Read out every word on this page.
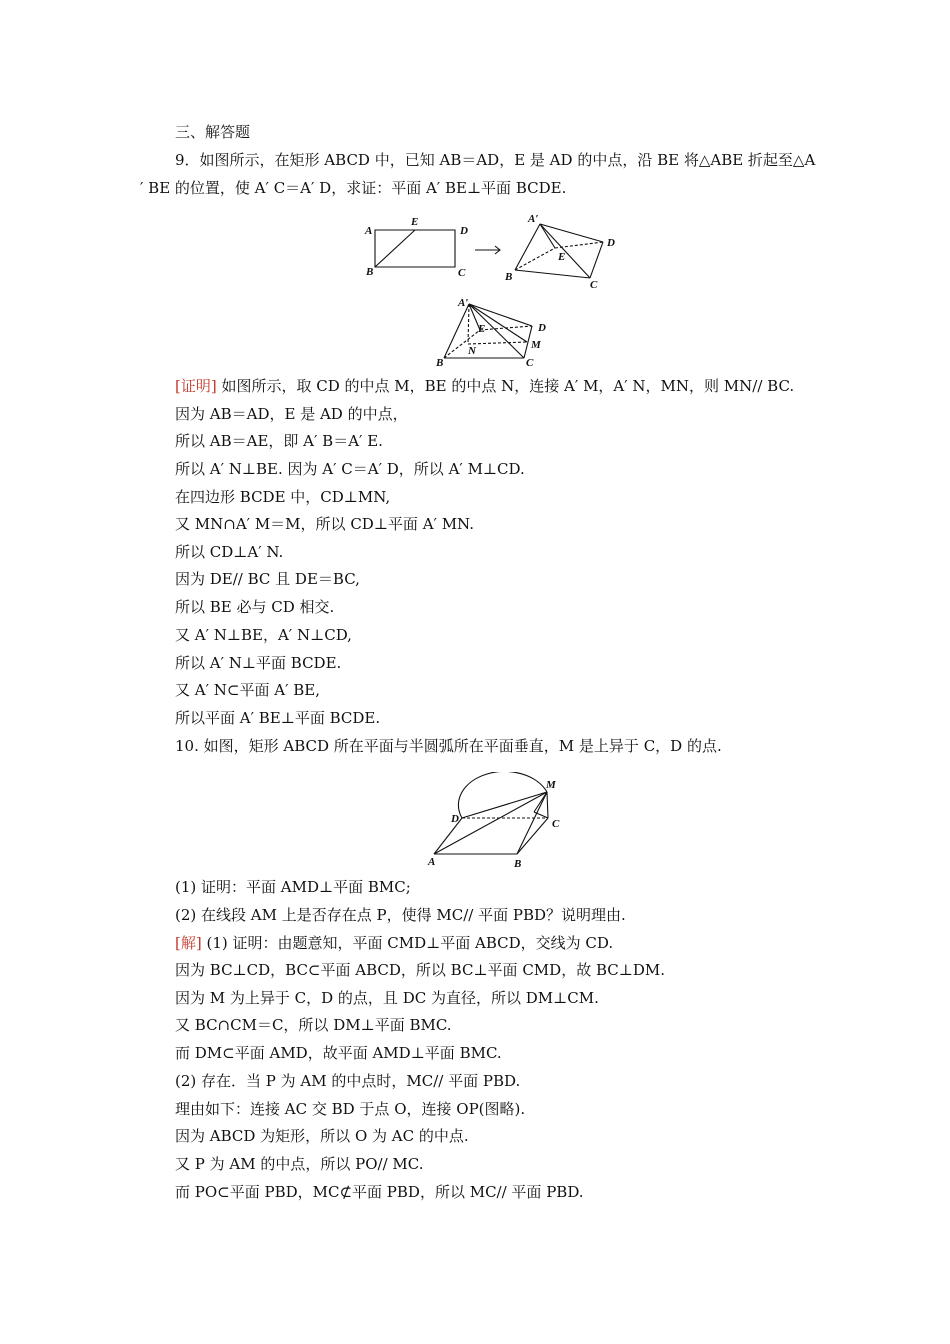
三、解答题
9．如图所示，在矩形 ABCD 中，已知 AB＝AD，E 是 AD 的中点，沿 BE 将△ABE 折起至△A
′ BE 的位置，使 A′ C＝A′ D，求证：平面 A′ BE⊥平面 BCDE.
A
E
D
B	C
A′
D
E
B
C
A′
E	D
N	M
B	C
[证明] 如图所示，取 CD 的中点 M，BE 的中点 N，连接 A′ M，A′ N，MN，则 MN// BC.
因为 AB＝AD，E 是 AD 的中点，
所以 AB＝AE，即 A′ B＝A′ E.
所以 A′ N⊥BE. 因为 A′ C＝A′ D，所以 A′ M⊥CD.
在四边形 BCDE 中，CD⊥MN,
又 MN∩A′ M＝M，所以 CD⊥平面 A′ MN.
所以 CD⊥A′ N.
因为 DE// BC 且 DE＝BC,
所以 BE 必与 CD 相交.
又 A′ N⊥BE，A′ N⊥CD,
所以 A′ N⊥平面 BCDE.
又 A′ N⊂平面 A′ BE,
所以平面 A′ BE⊥平面 BCDE.
10. 如图，矩形 ABCD 所在平面与半圆弧所在平面垂直，M 是上异于 C，D 的点.
M
D	C
A	B
(1) 证明：平面 AMD⊥平面 BMC;
(2) 在线段 AM 上是否存在点 P，使得 MC// 平面 PBD？说明理由.
[解] (1) 证明：由题意知，平面 CMD⊥平面 ABCD，交线为 CD.
因为 BC⊥CD，BC⊂平面 ABCD，所以 BC⊥平面 CMD，故 BC⊥DM.
因为 M 为上异于 C，D 的点，且 DC 为直径，所以 DM⊥CM.
又 BC∩CM＝C，所以 DM⊥平面 BMC.
而 DM⊂平面 AMD，故平面 AMD⊥平面 BMC.
(2) 存在．当 P 为 AM 的中点时，MC// 平面 PBD.
理由如下：连接 AC 交 BD 于点 O，连接 OP(图略).
因为 ABCD 为矩形，所以 O 为 AC 的中点.
又 P 为 AM 的中点，所以 PO// MC.
而 PO⊂平面 PBD，MC⊄平面 PBD，所以 MC// 平面 PBD.
